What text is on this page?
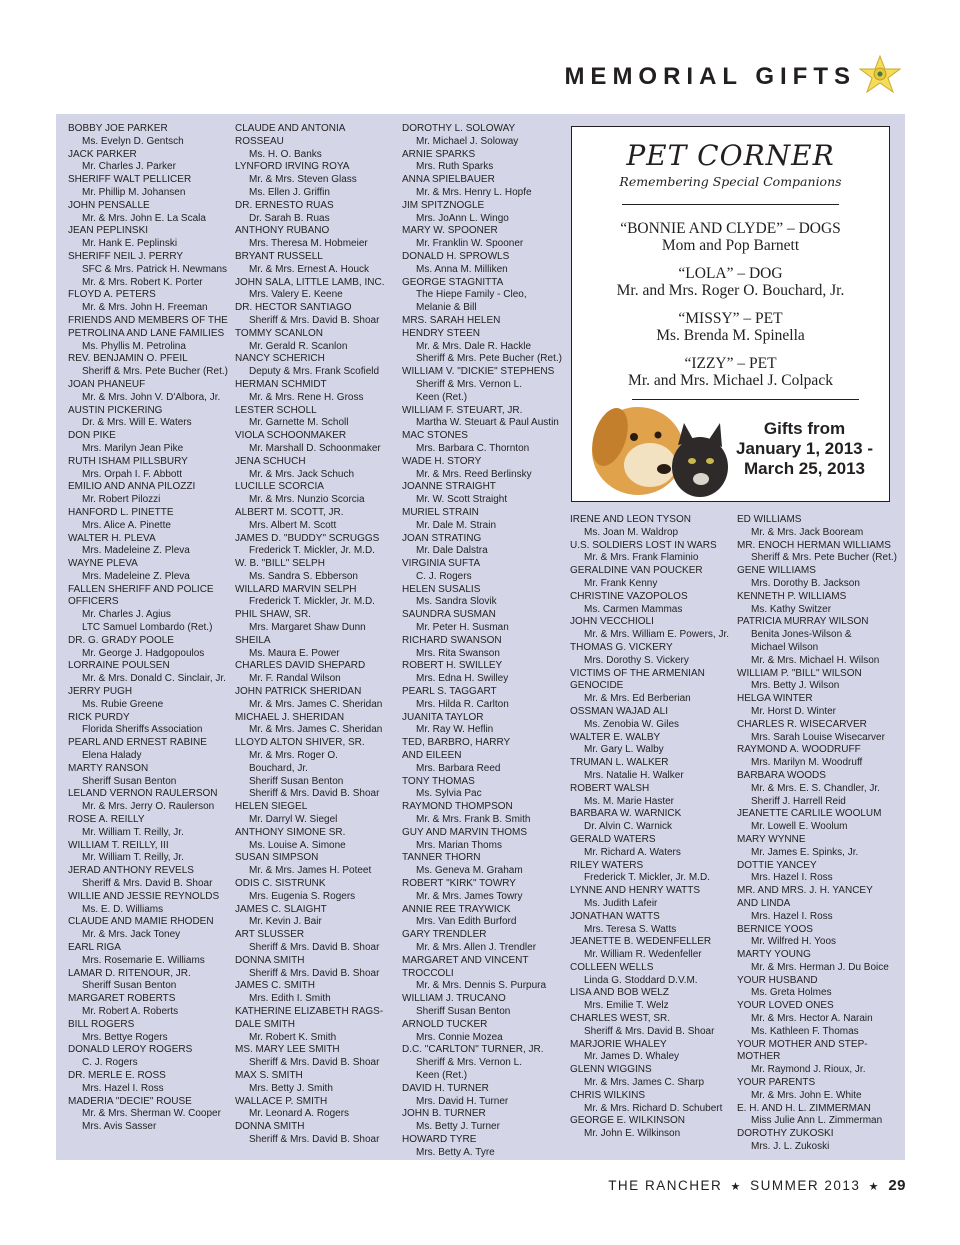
MEMORIAL GIFTS
BOBBY JOE PARKER
Ms. Evelyn D. Gentsch
JACK PARKER
Mr. Charles J. Parker
SHERIFF WALT PELLICER
Mr. Phillip M. Johansen
JOHN PENSALLE
Mr. & Mrs. John E. La Scala
JEAN PEPLINSKI
Mr. Hank E. Peplinski
SHERIFF NEIL J. PERRY
SFC & Mrs. Patrick H. Newmans
Mr. & Mrs. Robert K. Porter
FLOYD A. PETERS
Mr. & Mrs. John H. Freeman
FRIENDS AND MEMBERS OF THE
PETROLINA AND LANE FAMILIES
Ms. Phyllis M. Petrolina
REV. BENJAMIN O. PFEIL
Sheriff & Mrs. Pete Bucher (Ret.)
JOAN PHANEUF
Mr. & Mrs. John V. D'Albora, Jr.
AUSTIN PICKERING
Dr. & Mrs. Will E. Waters
DON PIKE
Mrs. Marilyn Jean Pike
RUTH ISHAM PILLSBURY
Mrs. Orpah I. F. Abbott
EMILIO AND ANNA PILOZZI
Mr. Robert Pilozzi
HANFORD L. PINETTE
Mrs. Alice A. Pinette
WALTER H. PLEVA
Mrs. Madeleine Z. Pleva
WAYNE PLEVA
Mrs. Madeleine Z. Pleva
FALLEN SHERIFF AND POLICE
OFFICERS
Mr. Charles J. Agius
LTC Samuel Lombardo (Ret.)
DR. G. GRADY POOLE
Mr. George J. Hadgopoulos
LORRAINE POULSEN
Mr. & Mrs. Donald C. Sinclair, Jr.
JERRY PUGH
Ms. Rubie Greene
RICK PURDY
Florida Sheriffs Association
PEARL AND ERNEST RABINE
Elena Halady
MARTY RANSON
Sheriff Susan Benton
LELAND VERNON RAULERSON
Mr. & Mrs. Jerry O. Raulerson
ROSE A. REILLY
Mr. William T. Reilly, Jr.
WILLIAM T. REILLY, III
Mr. William T. Reilly, Jr.
JERAD ANTHONY REVELS
Sheriff & Mrs. David B. Shoar
WILLIE AND JESSIE REYNOLDS
Ms. E. D. Williams
CLAUDE AND MAMIE RHODEN
Mr. & Mrs. Jack Toney
EARL RIGA
Mrs. Rosemarie E. Williams
LAMAR D. RITENOUR, JR.
Sheriff Susan Benton
MARGARET ROBERTS
Mr. Robert A. Roberts
BILL ROGERS
Mrs. Bettye Rogers
DONALD LEROY ROGERS
C. J. Rogers
DR. MERLE E. ROSS
Mrs. Hazel I. Ross
MADERIA "DECIE" ROUSE
Mr. & Mrs. Sherman W. Cooper
Mrs. Avis Sasser
CLAUDE AND ANTONIA
ROSSEAU
Ms. H. O. Banks
LYNFORD IRVING ROYA
Mr. & Mrs. Steven Glass
Ms. Ellen J. Griffin
DR. ERNESTO RUAS
Dr. Sarah B. Ruas
ANTHONY RUBANO
Mrs. Theresa M. Hobmeier
BRYANT RUSSELL
Mr. & Mrs. Ernest A. Houck
JOHN SALA, LITTLE LAMB, INC.
Mrs. Valery E. Keene
DR. HECTOR SANTIAGO
Sheriff & Mrs. David B. Shoar
TOMMY SCANLON
Mr. Gerald R. Scanlon
NANCY SCHERICH
Deputy & Mrs. Frank Scofield
HERMAN SCHMIDT
Mr. & Mrs. Rene H. Gross
LESTER SCHOLL
Mr. Garnette M. Scholl
VIOLA SCHOONMAKER
Mr. Marshall D. Schoonmaker
JENA SCHUCH
Mr. & Mrs. Jack Schuch
LUCILLE SCORCIA
Mr. & Mrs. Nunzio Scorcia
ALBERT M. SCOTT, JR.
Mrs. Albert M. Scott
JAMES D. "BUDDY" SCRUGGS
Frederick T. Mickler, Jr. M.D.
W. B. "BILL" SELPH
Ms. Sandra S. Ebberson
WILLARD MARVIN SELPH
Frederick T. Mickler, Jr. M.D.
PHIL SHAW, SR.
Mrs. Margaret Shaw Dunn
SHEILA
Ms. Maura E. Power
CHARLES DAVID SHEPARD
Mr. F. Randal Wilson
JOHN PATRICK SHERIDAN
Mr. & Mrs. James C. Sheridan
MICHAEL J. SHERIDAN
Mr. & Mrs. James C. Sheridan
LLOYD ALTON SHIVER, SR.
Mr. & Mrs. Roger O.
Bouchard, Jr.
Sheriff Susan Benton
Sheriff & Mrs. David B. Shoar
HELEN SIEGEL
Mr. Darryl W. Siegel
ANTHONY SIMONE SR.
Ms. Louise A. Simone
SUSAN SIMPSON
Mr. & Mrs. James H. Poteet
ODIS C. SISTRUNK
Mrs. Eugenia S. Rogers
JAMES C. SLAIGHT
Mr. Kevin J. Bair
ART SLUSSER
Sheriff & Mrs. David B. Shoar
DONNA SMITH
Sheriff & Mrs. David B. Shoar
JAMES C. SMITH
Mrs. Edith I. Smith
KATHERINE ELIZABETH RAGS-
DALE SMITH
Mr. Robert K. Smith
MS. MARY LEE SMITH
Sheriff & Mrs. David B. Shoar
MAX S. SMITH
Mrs. Betty J. Smith
WALLACE P. SMITH
Mr. Leonard A. Rogers
DONNA SMITH
Sheriff & Mrs. David B. Shoar
DOROTHY L. SOLOWAY
Mr. Michael J. Soloway
ARNIE SPARKS
Mrs. Ruth Sparks
ANNA SPIELBAUER
Mr. & Mrs. Henry L. Hopfe
JIM SPITZNOGLE
Mrs. JoAnn L. Wingo
MARY W. SPOONER
Mr. Franklin W. Spooner
DONALD H. SPROWLS
Ms. Anna M. Milliken
GEORGE STAGNITTA
The Hiepe Family - Cleo,
Melanie & Bill
MRS. SARAH HELEN
HENDRY STEEN
Mr. & Mrs. Dale R. Hackle
Sheriff & Mrs. Pete Bucher (Ret.)
WILLIAM V. "DICKIE" STEPHENS
Sheriff & Mrs. Vernon L.
Keen (Ret.)
WILLIAM F. STEUART, JR.
Martha W. Steuart & Paul Austin
MAC STONES
Mrs. Barbara C. Thornton
WADE H. STORY
Mr. & Mrs. Reed Berlinsky
JOANNE STRAIGHT
Mr. W. Scott Straight
MURIEL STRAIN
Mr. Dale M. Strain
JOAN STRATING
Mr. Dale Dalstra
VIRGINIA SUFTA
C. J. Rogers
HELEN SUSALIS
Ms. Sandra Slovik
SAUNDRA SUSMAN
Mr. Peter H. Susman
RICHARD SWANSON
Mrs. Rita Swanson
ROBERT H. SWILLEY
Mrs. Edna H. Swilley
PEARL S. TAGGART
Mrs. Hilda R. Carlton
JUANITA TAYLOR
Mr. Ray W. Heflin
TED, BARBRO, HARRY
AND EILEEN
Mrs. Barbara Reed
TONY THOMAS
Ms. Sylvia Pac
RAYMOND THOMPSON
Mr. & Mrs. Frank B. Smith
GUY AND MARVIN THOMS
Mrs. Marian Thoms
TANNER THORN
Ms. Geneva M. Graham
ROBERT "KIRK" TOWRY
Mr. & Mrs. James Towry
ANNIE REE TRAYWICK
Mrs. Van Edith Burford
GARY TRENDLER
Mr. & Mrs. Allen J. Trendler
MARGARET AND VINCENT
TROCCOLI
Mr. & Mrs. Dennis S. Purpura
WILLIAM J. TRUCANO
Sheriff Susan Benton
ARNOLD TUCKER
Mrs. Connie Mozea
D.C. "CARLTON" TURNER, JR.
Sheriff & Mrs. Vernon L.
Keen (Ret.)
DAVID H. TURNER
Mrs. David H. Turner
JOHN B. TURNER
Ms. Betty J. Turner
HOWARD TYRE
Mrs. Betty A. Tyre
IRENE AND LEON TYSON
Ms. Joan M. Waldrop
U.S. SOLDIERS LOST IN WARS
Mr. & Mrs. Frank Flaminio
GERALDINE VAN POUCKER
Mr. Frank Kenny
CHRISTINE VAZOPOLOS
Ms. Carmen Mammas
JOHN VECCHIOLI
Mr. & Mrs. William E. Powers, Jr.
THOMAS G. VICKERY
Mrs. Dorothy S. Vickery
VICTIMS OF THE ARMENIAN
GENOCIDE
Mr. & Mrs. Ed Berberian
OSSMAN WAJAD ALI
Ms. Zenobia W. Giles
WALTER E. WALBY
Mr. Gary L. Walby
TRUMAN L. WALKER
Mrs. Natalie H. Walker
ROBERT WALSH
Ms. M. Marie Haster
BARBARA W. WARNICK
Dr. Alvin C. Warnick
GERALD WATERS
Mr. Richard A. Waters
RILEY WATERS
Frederick T. Mickler, Jr. M.D.
LYNNE AND HENRY WATTS
Ms. Judith Lafeir
JONATHAN WATTS
Mrs. Teresa S. Watts
JEANETTE B. WEDENFELLER
Mr. William R. Wedenfeller
COLLEEN WELLS
Linda G. Stoddard D.V.M.
LISA AND BOB WELZ
Mrs. Emilie T. Welz
CHARLES WEST, SR.
Sheriff & Mrs. David B. Shoar
MARJORIE WHALEY
Mr. James D. Whaley
GLENN WIGGINS
Mr. & Mrs. James C. Sharp
CHRIS WILKINS
Mr. & Mrs. Richard D. Schubert
GEORGE E. WILKINSON
Mr. John E. Wilkinson
ED WILLIAMS
Mr. & Mrs. Jack Booream
MR. ENOCH HERMAN WILLIAMS
Sheriff & Mrs. Pete Bucher (Ret.)
GENE WILLIAMS
Mrs. Dorothy B. Jackson
KENNETH P. WILLIAMS
Ms. Kathy Switzer
PATRICIA MURRAY WILSON
Benita Jones-Wilson &
Michael Wilson
Mr. & Mrs. Michael H. Wilson
WILLIAM P. "BILL" WILSON
Mrs. Betty J. Wilson
HELGA WINTER
Mr. Horst D. Winter
CHARLES R. WISECARVER
Mrs. Sarah Louise Wisecarver
RAYMOND A. WOODRUFF
Mrs. Marilyn M. Woodruff
BARBARA WOODS
Mr. & Mrs. E. S. Chandler, Jr.
Sheriff J. Harrell Reid
JEANETTE CARLILE WOOLUM
Mr. Lowell E. Woolum
MARY WYNNE
Mr. James E. Spinks, Jr.
DOTTIE YANCEY
Mrs. Hazel I. Ross
MR. AND MRS. J. H. YANCEY
AND LINDA
Mrs. Hazel I. Ross
BERNICE YOOS
Mr. Wilfred H. Yoos
MARTY YOUNG
Mr. & Mrs. Herman J. Du Boice
YOUR HUSBAND
Ms. Greta Holmes
YOUR LOVED ONES
Mr. & Mrs. Hector A. Narain
Ms. Kathleen F. Thomas
YOUR MOTHER AND STEP-
MOTHER
Mr. Raymond J. Rioux, Jr.
YOUR PARENTS
Mr. & Mrs. John E. White
E. H. AND H. L. ZIMMERMAN
Miss Julie Ann L. Zimmerman
DOROTHY ZUKOSKI
Mrs. J. L. Zukoski
PET CORNER
Remembering Special Companions
“BONNIE AND CLYDE” – DOGS
Mom and Pop Barnett
“LOLA” – DOG
Mr. and Mrs. Roger O. Bouchard, Jr.
“MISSY” – PET
Ms. Brenda M. Spinella
“IZZY” – PET
Mr. and Mrs. Michael J. Colpack
Gifts from
January 1, 2013 -
March 25, 2013
THE RANCHER ★ SUMMER 2013 ★ 29
